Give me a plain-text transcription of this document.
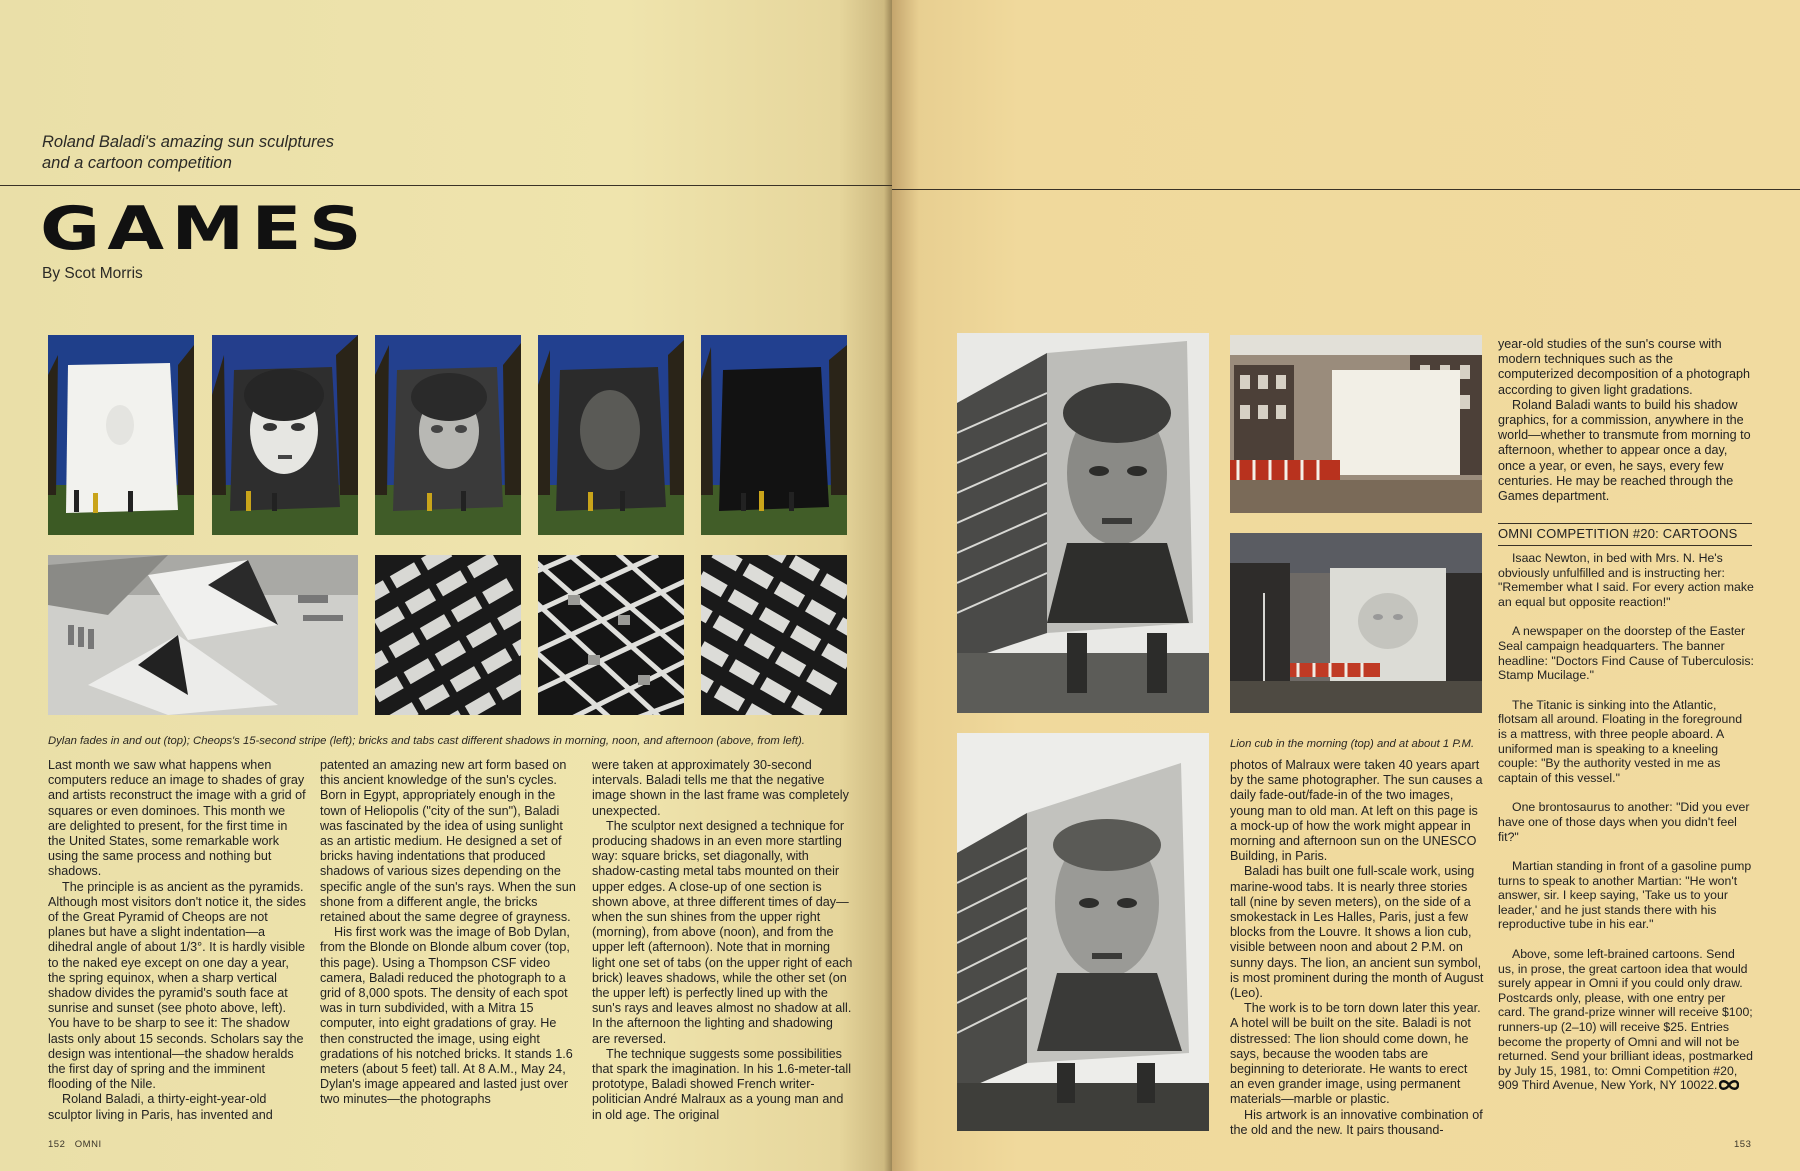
Roland Baladi's amazing sun sculptures
and a cartoon competition
GAMES
By Scot Morris
Dylan fades in and out (top); Cheops's 15-second stripe (left); bricks and tabs cast different shadows in morning, noon, and afternoon (above, from left).

Last month we saw what happens when computers reduce an image to shades of gray and artists reconstruct the image with a grid of squares or even dominoes. This month we are delighted to present, for the first time in the United States, some remarkable work using the same process and nothing but shadows.

The principle is as ancient as the pyramids. Although most visitors don't notice it, the sides of the Great Pyramid of Cheops are not planes but have a slight indentation—a dihedral angle of about 1/3°. It is hardly visible to the naked eye except on one day a year, the spring equinox, when a sharp vertical shadow divides the pyramid's south face at sunrise and sunset (see photo above, left). You have to be sharp to see it: The shadow lasts only about 15 seconds. Scholars say the design was intentional—the shadow heralds the first day of spring and the imminent flooding of the Nile.

Roland Baladi, a thirty-eight-year-old sculptor living in Paris, has invented and

patented an amazing new art form based on this ancient knowledge of the sun's cycles. Born in Egypt, appropriately enough in the town of Heliopolis ("city of the sun"), Baladi was fascinated by the idea of using sunlight as an artistic medium. He designed a set of bricks having indentations that produced shadows of various sizes depending on the specific angle of the sun's rays. When the sun shone from a different angle, the bricks retained about the same degree of grayness.

His first work was the image of Bob Dylan, from the Blonde on Blonde album cover (top, this page). Using a Thompson CSF video camera, Baladi reduced the photograph to a grid of 8,000 spots. The density of each spot was in turn subdivided, with a Mitra 15 computer, into eight gradations of gray. He then constructed the image, using eight gradations of his notched bricks. It stands 1.6 meters (about 5 feet) tall. At 8 A.M., May 24, Dylan's image appeared and lasted just over two minutes—the photographs

were taken at approximately 30-second intervals. Baladi tells me that the negative image shown in the last frame was completely unexpected.

The sculptor next designed a technique for producing shadows in an even more startling way: square bricks, set diagonally, with shadow-casting metal tabs mounted on their upper edges. A close-up of one section is shown above, at three different times of day—when the sun shines from the upper right (morning), from above (noon), and from the upper left (afternoon). Note that in morning light one set of tabs (on the upper right of each brick) leaves shadows, while the other set (on the upper left) is perfectly lined up with the sun's rays and leaves almost no shadow at all. In the afternoon the lighting and shadowing are reversed.

The technique suggests some possibilities that spark the imagination. In his 1.6-meter-tall prototype, Baladi showed French writer-politician André Malraux as a young man and in old age. The original

152 OMNI
Lion cub in the morning (top) and at about 1 P.M.

photos of Malraux were taken 40 years apart by the same photographer. The sun causes a daily fade-out/fade-in of the two images, young man to old man. At left on this page is a mock-up of how the work might appear in morning and afternoon sun on the UNESCO Building, in Paris.

Baladi has built one full-scale work, using marine-wood tabs. It is nearly three stories tall (nine by seven meters), on the side of a smokestack in Les Halles, Paris, just a few blocks from the Louvre. It shows a lion cub, visible between noon and about 2 P.M. on sunny days. The lion, an ancient sun symbol, is most prominent during the month of August (Leo).

The work is to be torn down later this year. A hotel will be built on the site. Baladi is not distressed: The lion should come down, he says, because the wooden tabs are beginning to deteriorate. He wants to erect an even grander image, using permanent materials—marble or plastic.

His artwork is an innovative combination of the old and the new. It pairs thousand-

year-old studies of the sun's course with modern techniques such as the computerized decomposition of a photograph according to given light gradations.

Roland Baladi wants to build his shadow graphics, for a commission, anywhere in the world—whether to transmute from morning to afternoon, whether to appear once a day, once a year, or even, he says, every few centuries. He may be reached through the Games department.

OMNI COMPETITION #20: CARTOONS

Isaac Newton, in bed with Mrs. N. He's obviously unfulfilled and is instructing her: "Remember what I said. For every action make an equal but opposite reaction!"

A newspaper on the doorstep of the Easter Seal campaign headquarters. The banner headline: "Doctors Find Cause of Tuberculosis: Stamp Mucilage."

The Titanic is sinking into the Atlantic, flotsam all around. Floating in the foreground is a mattress, with three people aboard. A uniformed man is speaking to a kneeling couple: "By the authority vested in me as captain of this vessel."

One brontosaurus to another: "Did you ever have one of those days when you didn't feel fit?"

Martian standing in front of a gasoline pump turns to speak to another Martian: "He won't answer, sir. I keep saying, 'Take us to your leader,' and he just stands there with his reproductive tube in his ear."

Above, some left-brained cartoons. Send us, in prose, the great cartoon idea that would surely appear in Omni if you could only draw. Postcards only, please, with one entry per card. The grand-prize winner will receive $100; runners-up (2–10) will receive $25. Entries become the property of Omni and will not be returned. Send your brilliant ideas, postmarked by July 15, 1981, to: Omni Competition #20, 909 Third Avenue, New York, NY 10022.

153
